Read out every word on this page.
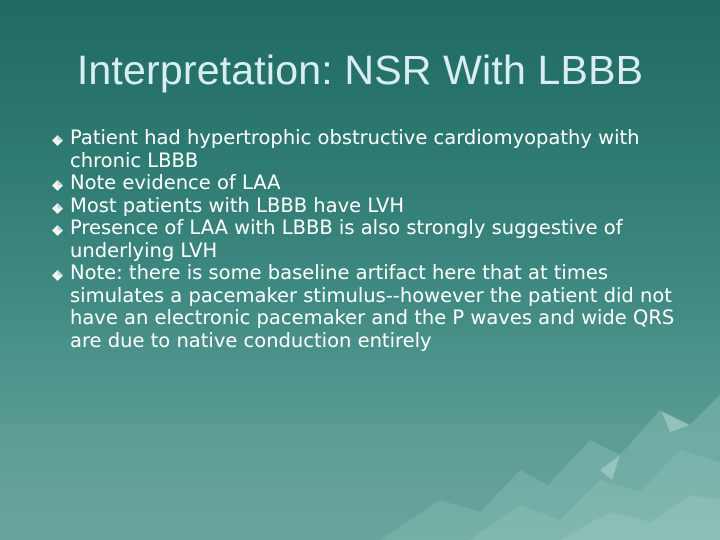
Interpretation: NSR With LBBB
Patient had hypertrophic obstructive cardiomyopathy with chronic LBBB
Note evidence of LAA
Most patients with LBBB have LVH
Presence of LAA with LBBB is also strongly suggestive of underlying LVH
Note: there is some baseline artifact here that at times simulates a pacemaker stimulus--however the patient did not have an electronic pacemaker and the P waves and wide QRS are due to native conduction entirely
